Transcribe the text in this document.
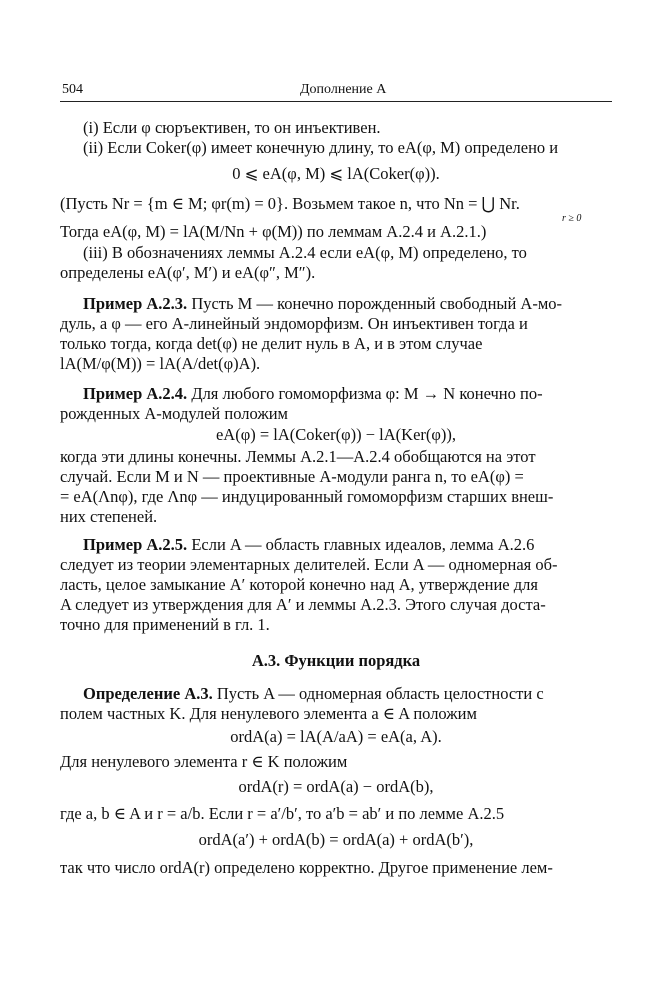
504	Дополнение А
(i) Если φ сюръективен, то он инъективен.
(ii) Если Coker(φ) имеет конечную длину, то eA(φ, M) определено и
0 ⩽ eA(φ, M) ⩽ lA(Coker(φ)).
(Пусть Nr = {m ∈ M; φr(m) = 0}. Возьмем такое n, что Nn = ⋃ Nr.
r ≥ 0
Тогда eA(φ, M) = lA(M/Nn + φ(M)) по леммам А.2.4 и А.2.1.)
(iii) В обозначениях леммы А.2.4 если eA(φ, M) определено, то
определены eA(φ′, M′) и eA(φ″, M″).
Пример А.2.3. Пусть M — конечно порожденный свободный A-мо-
дуль, а φ — его A-линейный эндоморфизм. Он инъективен тогда и
только тогда, когда det(φ) не делит нуль в A, и в этом случае
lA(M/φ(M)) = lA(A/det(φ)A).
Пример А.2.4. Для любого гомоморфизма φ: M → N конечно по-
рожденных A-модулей положим
eA(φ) = lA(Coker(φ)) − lA(Ker(φ)),
когда эти длины конечны. Леммы А.2.1—А.2.4 обобщаются на этот
случай. Если M и N — проективные A-модули ранга n, то eA(φ) =
= eA(Λnφ), где Λnφ — индуцированный гомоморфизм старших внеш-
них степеней.
Пример А.2.5. Если A — область главных идеалов, лемма А.2.6
следует из теории элементарных делителей. Если A — одномерная об-
ласть, целое замыкание A′ которой конечно над A, утверждение для
A следует из утверждения для A′ и леммы А.2.3. Этого случая доста-
точно для применений в гл. 1.
А.3. Функции порядка
Определение А.3. Пусть A — одномерная область целостности с
полем частных K. Для ненулевого элемента a ∈ A положим
ordA(a) = lA(A/aA) = eA(a, A).
Для ненулевого элемента r ∈ K положим
ordA(r) = ordA(a) − ordA(b),
где a, b ∈ A и r = a/b. Если r = a′/b′, то a′b = ab′ и по лемме А.2.5
ordA(a′) + ordA(b) = ordA(a) + ordA(b′),
так что число ordA(r) определено корректно. Другое применение лем-
